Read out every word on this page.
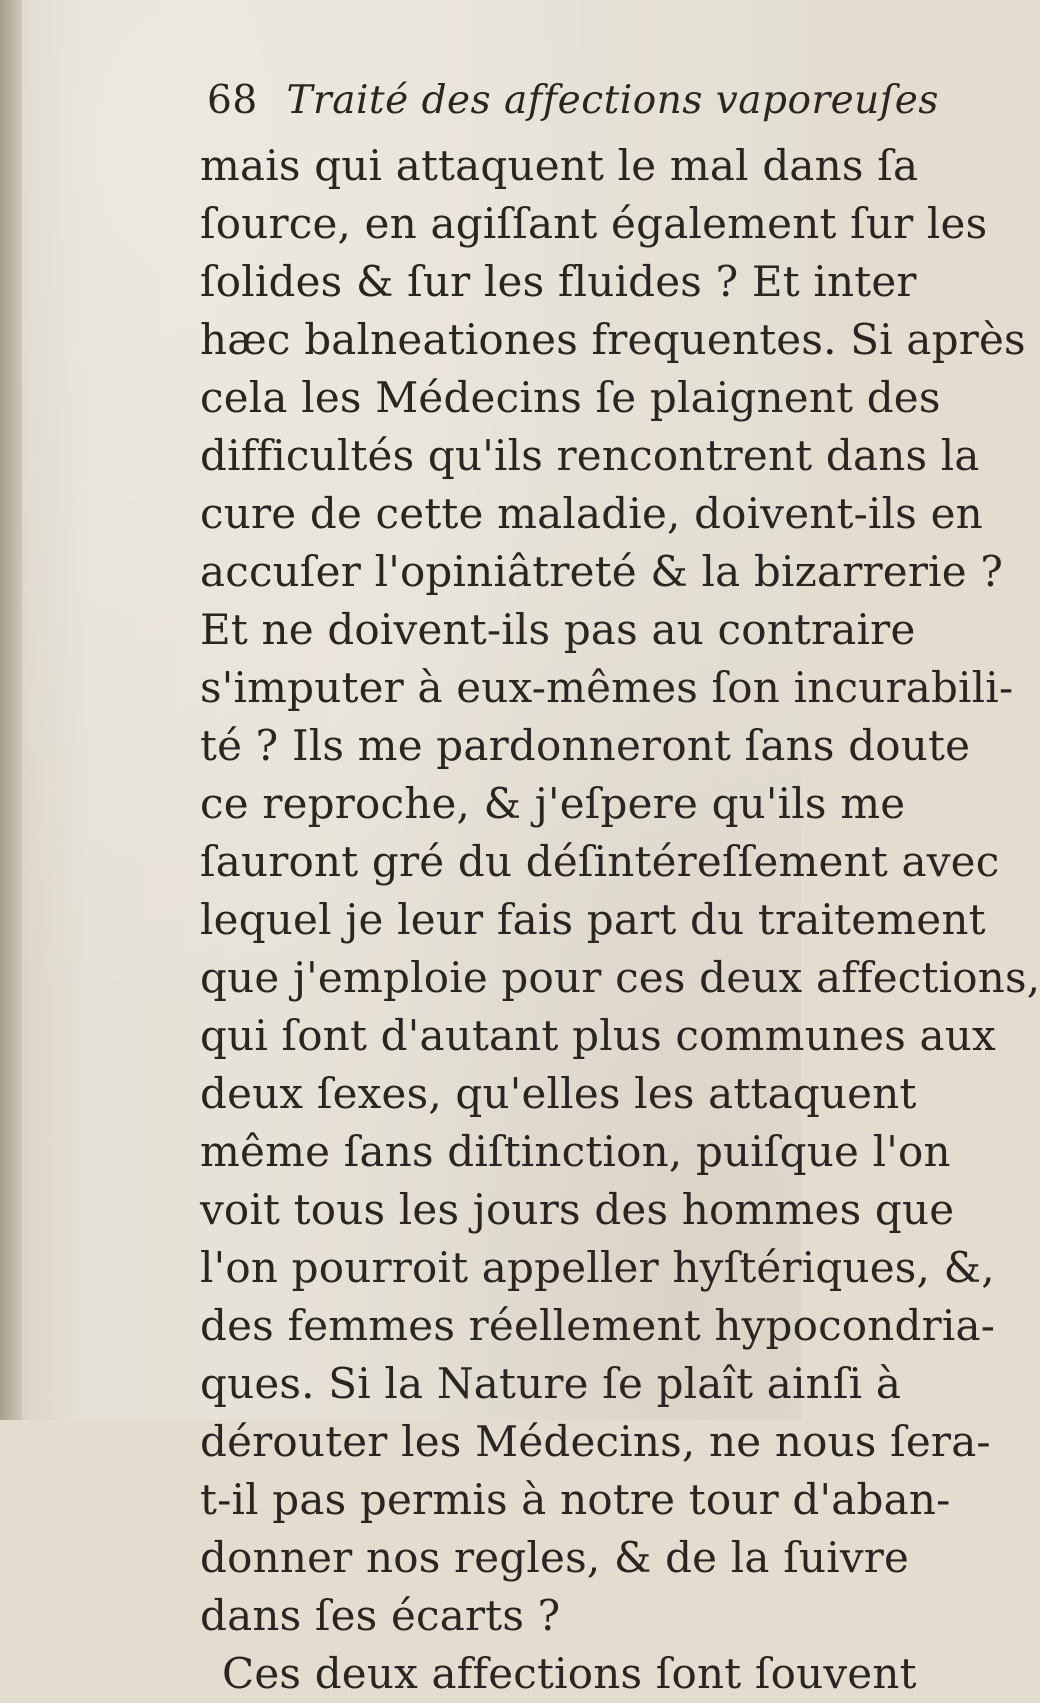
68 Traité des affections vaporeuſes
mais qui attaquent le mal dans ſa
ſource, en agiſſant également ſur les
ſolides & ſur les fluides ? Et inter
hæc balneationes frequentes. Si après
cela les Médecins ſe plaignent des
difficultés qu'ils rencontrent dans la
cure de cette maladie, doivent-ils en
accuſer l'opiniâtreté & la bizarrerie ?
Et ne doivent-ils pas au contraire
s'imputer à eux-mêmes ſon incurabili-
té ? Ils me pardonneront ſans doute
ce reproche, & j'eſpere qu'ils me
ſauront gré du déſintéreſſement avec
lequel je leur fais part du traitement
que j'emploie pour ces deux affections,
qui ſont d'autant plus communes aux
deux ſexes, qu'elles les attaquent
même ſans diſtinction, puiſque l'on
voit tous les jours des hommes que
l'on pourroit appeller hyſtériques, &,
des femmes réellement hypocondria-
ques. Si la Nature ſe plaît ainſi à
dérouter les Médecins, ne nous ſera-
t-il pas permis à notre tour d'aban-
donner nos regles, & de la ſuivre
dans ſes écarts ?
Ces deux affections ſont ſouvent
